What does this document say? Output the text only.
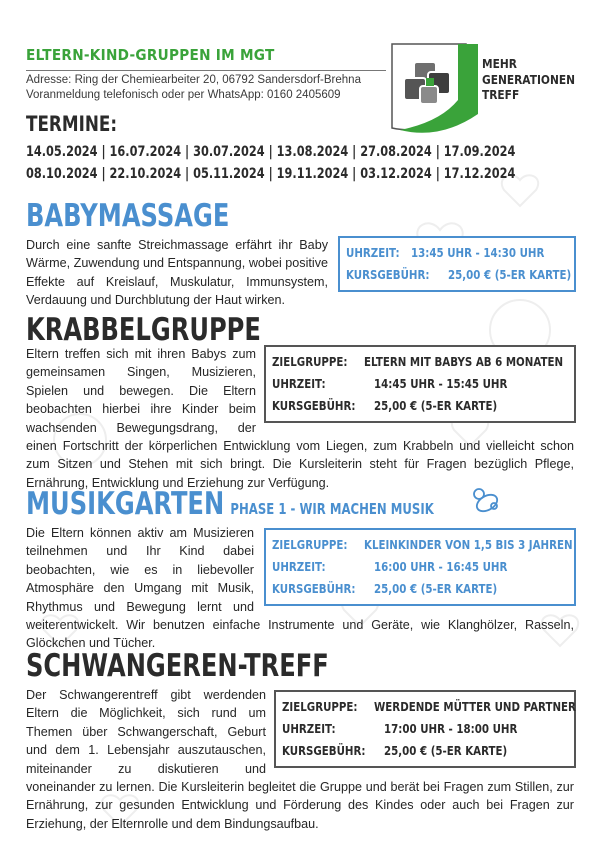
ELTERN-KIND-GRUPPEN IM MGT
Adresse: Ring der Chemiearbeiter 20, 06792 Sandersdorf-Brehna
Voranmeldung telefonisch oder per WhatsApp: 0160 2405609
MEHR
GENERATIONEN
TREFF
TERMINE:
14.05.2024 | 16.07.2024 | 30.07.2024 | 13.08.2024 | 27.08.2024 | 17.09.2024
08.10.2024 | 22.10.2024 | 05.11.2024 | 19.11.2024 | 03.12.2024 | 17.12.2024
BABYMASSAGE
UHRZEIT: 13:45 UHR - 14:30 UHR
KURSGEBÜHR: 25,00 € (5-ER KARTE)
Durch eine sanfte Streichmassage erfährt ihr Baby Wärme, Zuwendung und Entspannung, wobei positive Effekte auf Kreislauf, Muskulatur, Immunsystem, Verdauung und Durchblutung der Haut wirken.
KRABBELGRUPPE
ZIELGRUPPE: ELTERN MIT BABYS AB 6 MONATEN
UHRZEIT:	14:45 UHR - 15:45 UHR
KURSGEBÜHR: 25,00 € (5-ER KARTE)
Eltern treffen sich mit ihren Babys zum gemeinsamen Singen, Musizieren, Spielen und bewegen. Die Eltern beobachten hierbei ihre Kinder beim wachsenden Bewegungsdrang, der einen Fortschritt der körperlichen Entwicklung vom Liegen, zum Krabbeln und vielleicht schon zum Sitzen und Stehen mit sich bringt. Die Kursleiterin steht für Fragen bezüglich Pflege, Ernährung, Entwicklung und Erziehung zur Verfügung.
MUSIKGARTEN PHASE 1 - WIR MACHEN MUSIK
ZIELGRUPPE: KLEINKINDER VON 1,5 BIS 3 JAHREN
UHRZEIT:	16:00 UHR - 16:45 UHR
KURSGEBÜHR: 25,00 € (5-ER KARTE)
Die Eltern können aktiv am Musizieren teilnehmen und Ihr Kind dabei beobachten, wie es in liebevoller Atmosphäre den Umgang mit Musik, Rhythmus und Bewegung lernt und weiterentwickelt. Wir benutzen einfache Instrumente und Geräte, wie Klanghölzer, Rasseln, Glöckchen und Tücher.
SCHWANGEREN-TREFF
ZIELGRUPPE: WERDENDE MÜTTER UND PARTNER
UHRZEIT:	17:00 UHR - 18:00 UHR
KURSGEBÜHR: 25,00 € (5-ER KARTE)
Der Schwangerentreff gibt werdenden Eltern die Möglichkeit, sich rund um Themen über Schwangerschaft, Geburt und dem 1. Lebensjahr auszutauschen, miteinander zu diskutieren und voneinander zu lernen. Die Kursleiterin begleitet die Gruppe und berät bei Fragen zum Stillen, zur Ernährung, zur gesunden Entwicklung und Förderung des Kindes oder auch bei Fragen zur Erziehung, der Elternrolle und dem Bindungsaufbau.
